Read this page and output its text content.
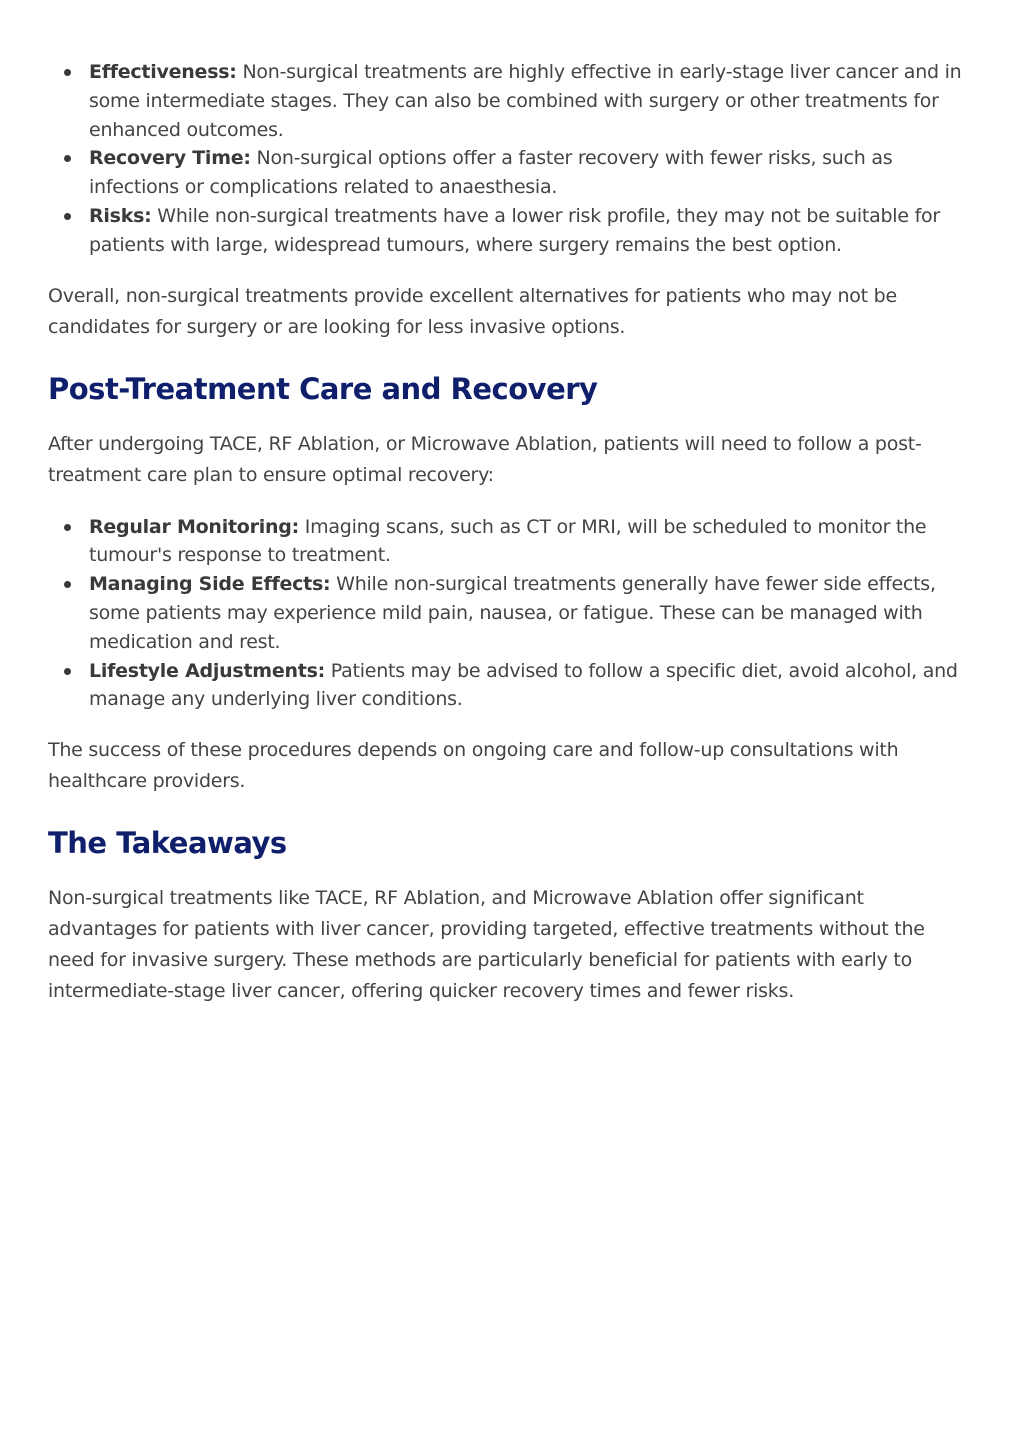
Effectiveness: Non-surgical treatments are highly effective in early-stage liver cancer and in some intermediate stages. They can also be combined with surgery or other treatments for enhanced outcomes.
Recovery Time: Non-surgical options offer a faster recovery with fewer risks, such as infections or complications related to anaesthesia.
Risks: While non-surgical treatments have a lower risk profile, they may not be suitable for patients with large, widespread tumours, where surgery remains the best option.

Overall, non-surgical treatments provide excellent alternatives for patients who may not be candidates for surgery or are looking for less invasive options.

Post-Treatment Care and Recovery

After undergoing TACE, RF Ablation, or Microwave Ablation, patients will need to follow a post-treatment care plan to ensure optimal recovery:

Regular Monitoring: Imaging scans, such as CT or MRI, will be scheduled to monitor the tumour's response to treatment.
Managing Side Effects: While non-surgical treatments generally have fewer side effects, some patients may experience mild pain, nausea, or fatigue. These can be managed with medication and rest.
Lifestyle Adjustments: Patients may be advised to follow a specific diet, avoid alcohol, and manage any underlying liver conditions.

The success of these procedures depends on ongoing care and follow-up consultations with healthcare providers.

The Takeaways

Non-surgical treatments like TACE, RF Ablation, and Microwave Ablation offer significant advantages for patients with liver cancer, providing targeted, effective treatments without the need for invasive surgery. These methods are particularly beneficial for patients with early to intermediate-stage liver cancer, offering quicker recovery times and fewer risks.
